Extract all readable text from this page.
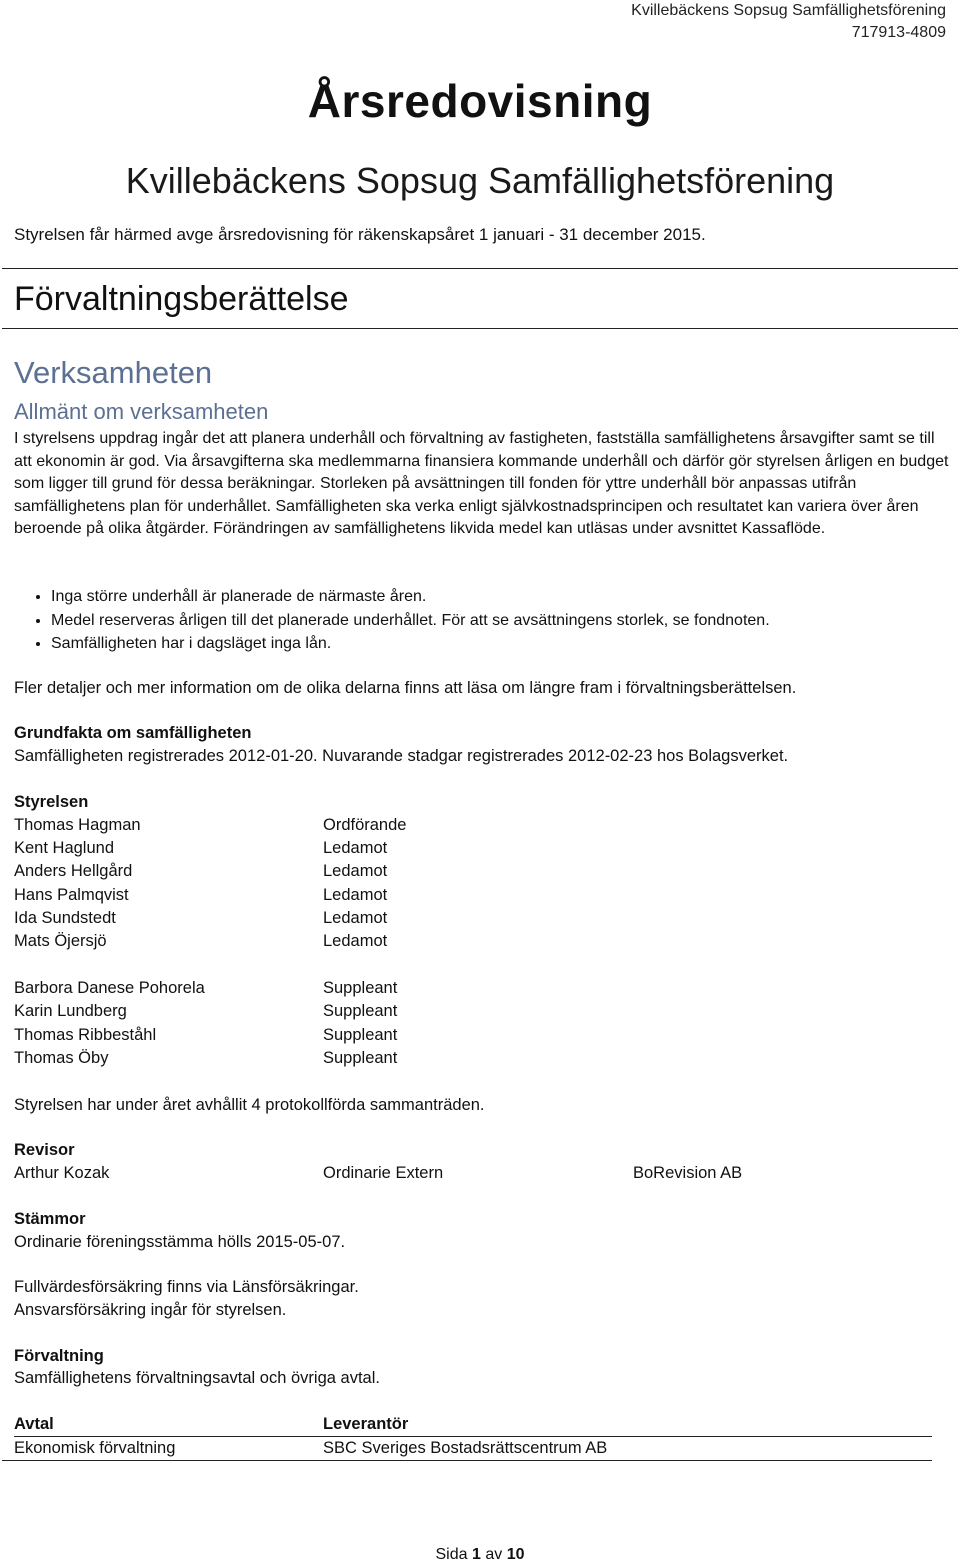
Kvillebäckens Sopsug Samfällighetsförening
717913-4809
Årsredovisning
Kvillebäckens Sopsug Samfällighetsförening
Styrelsen får härmed avge årsredovisning för räkenskapsåret 1 januari - 31 december 2015.
Förvaltningsberättelse
Verksamheten
Allmänt om verksamheten
I styrelsens uppdrag ingår det att planera underhåll och förvaltning av fastigheten, fastställa samfällighetens årsavgifter samt se till att ekonomin är god. Via årsavgifterna ska medlemmarna finansiera kommande underhåll och därför gör styrelsen årligen en budget som ligger till grund för dessa beräkningar. Storleken på avsättningen till fonden för yttre underhåll bör anpassas utifrån samfällighetens plan för underhållet. Samfälligheten ska verka enligt självkostnadsprincipen och resultatet kan variera över åren beroende på olika åtgärder. Förändringen av samfällighetens likvida medel kan utläsas under avsnittet Kassaflöde.
• Inga större underhåll är planerade de närmaste åren.
• Medel reserveras årligen till det planerade underhållet. För att se avsättningens storlek, se fondnoten.
• Samfälligheten har i dagsläget inga lån.
Fler detaljer och mer information om de olika delarna finns att läsa om längre fram i förvaltningsberättelsen.
Grundfakta om samfälligheten
Samfälligheten registrerades 2012-01-20. Nuvarande stadgar registrerades 2012-02-23 hos Bolagsverket.
Styrelsen
Thomas Hagman	Ordförande
Kent Haglund	Ledamot
Anders Hellgård	Ledamot
Hans Palmqvist	Ledamot
Ida Sundstedt	Ledamot
Mats Öjersjö	Ledamot
Barbora Danese Pohorela	Suppleant
Karin Lundberg	Suppleant
Thomas Ribbeståhl	Suppleant
Thomas Öby	Suppleant
Styrelsen har under året avhållit 4 protokollförda sammanträden.
Revisor
Arthur Kozak	Ordinarie Extern	BoRevision AB
Stämmor
Ordinarie föreningsstämma hölls 2015-05-07.
Fullvärdesförsäkring finns via Länsförsäkringar.
Ansvarsförsäkring ingår för styrelsen.
Förvaltning
Samfällighetens förvaltningsavtal och övriga avtal.
Avtal	Leverantör
Ekonomisk förvaltning	SBC Sveriges Bostadsrättscentrum AB
Sida 1 av 10
